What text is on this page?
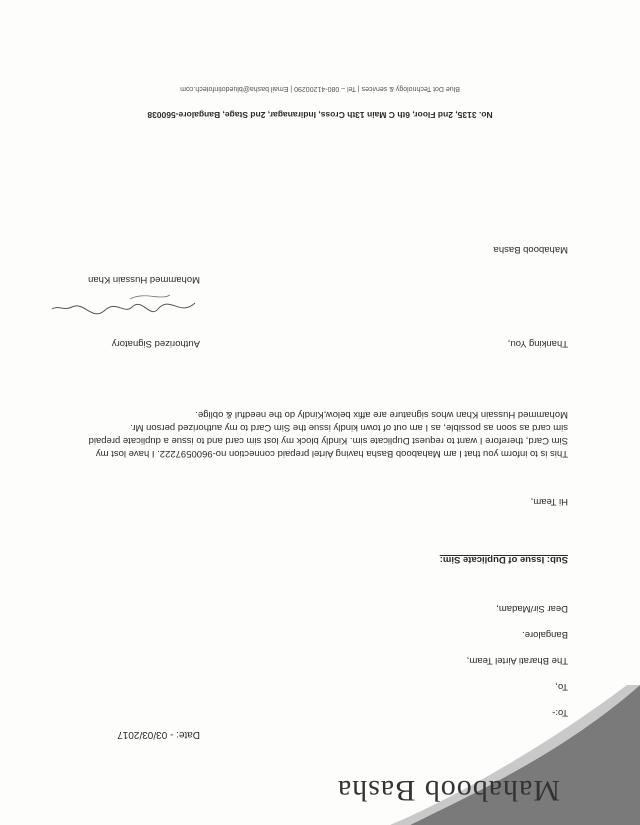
Mahaboob Basha
Date: - 03/03/2017
To:-
To,
The Bharati Airtel Team,
Bangalore.
Dear Sir/Madam,
Sub: Issue of Duplicate Sim:
Hi Team,
This is to inform you that I am Mahaboob Basha having Airtel prepaid connection no-9600597222. I have lost my Sim Card, therefore I want to request Duplicate sim. Kindly block my lost sim card and to issue a duplicate prepaid sim card as soon as possible, as I am out of town kindly issue the Sim Card to my authorized person Mr. Mohammed Hussain Khan whos signature are affix below,Kindly do the needful & oblige.
Thanking You,
Authorized Signatory
Mohammed Hussain Khan
Mahaboob Basha
No. 3135, 2nd Floor, 6th C Main 13th Cross, Indiranagar, 2nd Stage, Bangalore-560038
Blue Dot Technology & services | Tel – 080-41200290 | Email basha@bluedotinfotech.com
